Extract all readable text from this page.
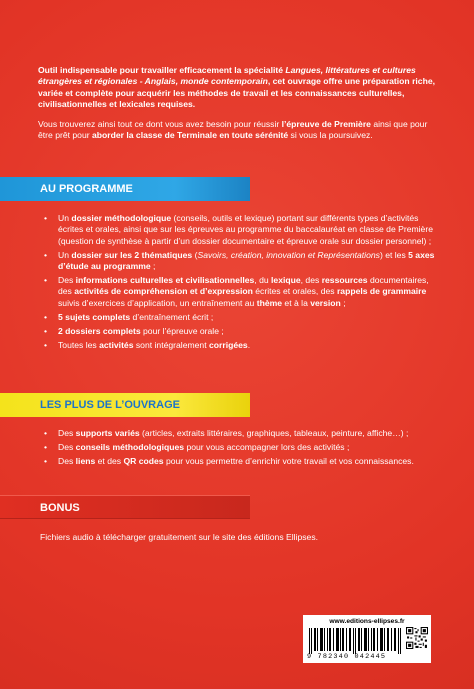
Outil indispensable pour travailler efficacement la spécialité Langues, littératures et cultures étrangères et régionales - Anglais, monde contemporain, cet ouvrage offre une préparation riche, variée et complète pour acquérir les méthodes de travail et les connaissances culturelles, civilisationnelles et lexicales requises.

Vous trouverez ainsi tout ce dont vous avez besoin pour réussir l’épreuve de Première ainsi que pour être prêt pour aborder la classe de Terminale en toute sérénité si vous la poursuivez.

AU PROGRAMME
• Un dossier méthodologique (conseils, outils et lexique) portant sur différents types d’activités écrites et orales, ainsi que sur les épreuves au programme du baccalauréat en classe de Première (question de synthèse à partir d’un dossier documentaire et épreuve orale sur dossier personnel) ;
• Un dossier sur les 2 thématiques (Savoirs, création, innovation et Représentations) et les 5 axes d’étude au programme ;
• Des informations culturelles et civilisationnelles, du lexique, des ressources documentaires, des activités de compréhension et d’expression écrites et orales, des rappels de grammaire suivis d’exercices d’application, un entraînement au thème et à la version ;
• 5 sujets complets d’entraînement écrit ;
• 2 dossiers complets pour l’épreuve orale ;
• Toutes les activités sont intégralement corrigées.
LES PLUS DE L’OUVRAGE
• Des supports variés (articles, extraits littéraires, graphiques, tableaux, peinture, affiche…) ;
• Des conseils méthodologiques pour vous accompagner lors des activités ;
• Des liens et des QR codes pour vous permettre d’enrichir votre travail et vos connaissances.
BONUS
Fichiers audio à télécharger gratuitement sur le site des éditions Ellipses.
www.editions-ellipses.fr
9 782340 042445
